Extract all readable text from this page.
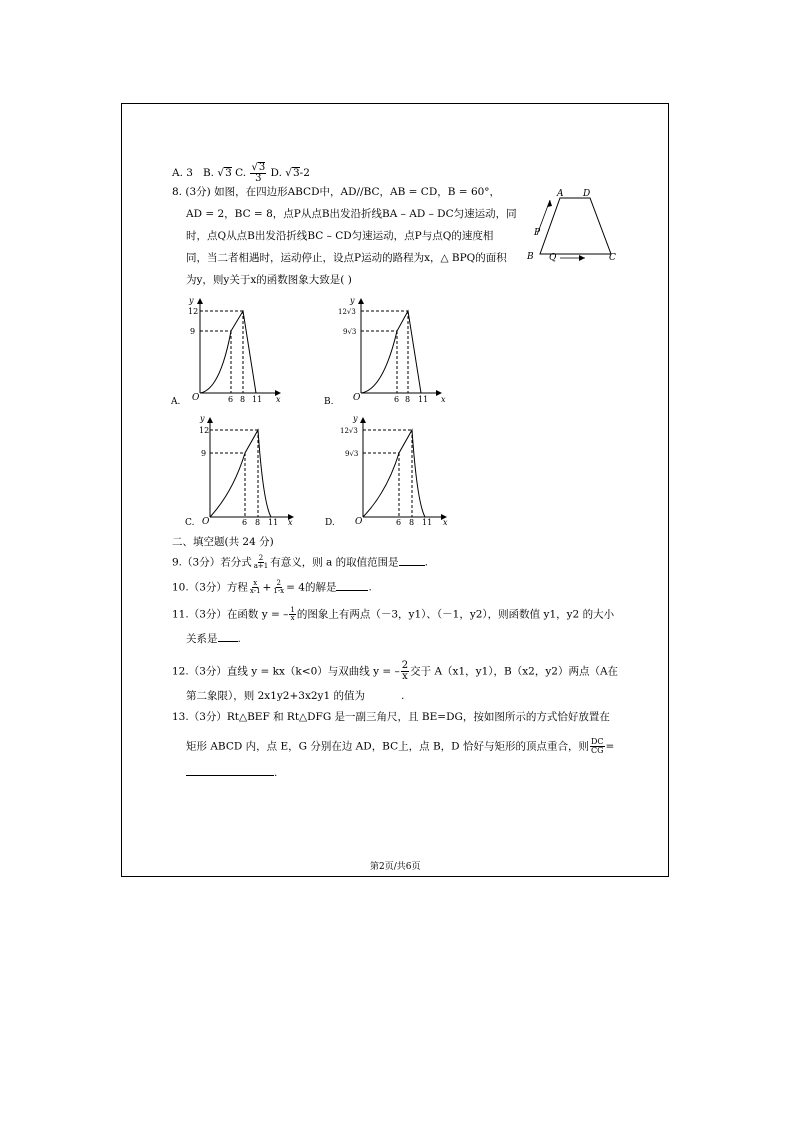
A. 3 B. √3 C. $\frac{√3}{3} D$. √3-2
8. (3分) 如图，在四边形ABCD中，AD//BC，AB = CD，B = 60°，
AD = 2，BC = 8，点P从点B出发沿折线BA – AD – DC匀速运动，同
时，点Q从点B出发沿折线BC – CD匀速运动，点P与点Q的速度相
同，当二者相遇时，运动停止，设点P运动的路程为x，△ BPQ的面积
为y，则y关于x的函数图象大致是( )
A D
P
B Q	C
y
x
O
12
9
6 8 11
A.
y
x
O
12√3
9√3
6 8 11
B.
y
x
O
12
9
6 8 11
C.
y
x
O
12√3
9√3
6 8 11
D.
二、填空题(共 24 分)
9.（3分）若分式 $\frac{2}{a+1}$ 有意义，则 a 的取值范围是 .
10.（3分）方程 $\frac{x}{x-1} + \frac{2}{1-x} = 4$的解是	.
11.（3分）在函数 y = – $\frac{1}{x}$ 的图象上有两点（－3，y1）、（－1，y2），则函数值 y1，y2 的大小
关系是 .
12.（3分）直线 y = kx（k<0）与双曲线 y = – $\frac{2}{x}$ 交于 A（x1，y1），B（x2，y2）两点（A在
第二象限），则 2x1y2+3x2y1 的值为	.
13.（3分）Rt△BEF 和 Rt△DFG 是一副三角尺，且 BE=DG，按如图所示的方式恰好放置在
矩形 ABCD 内，点 E，G 分别在边 AD，BC上，点 B，D 恰好与矩形的顶点重合，则 $\frac{DC}{CG}$ =
.
第2页/共6页
